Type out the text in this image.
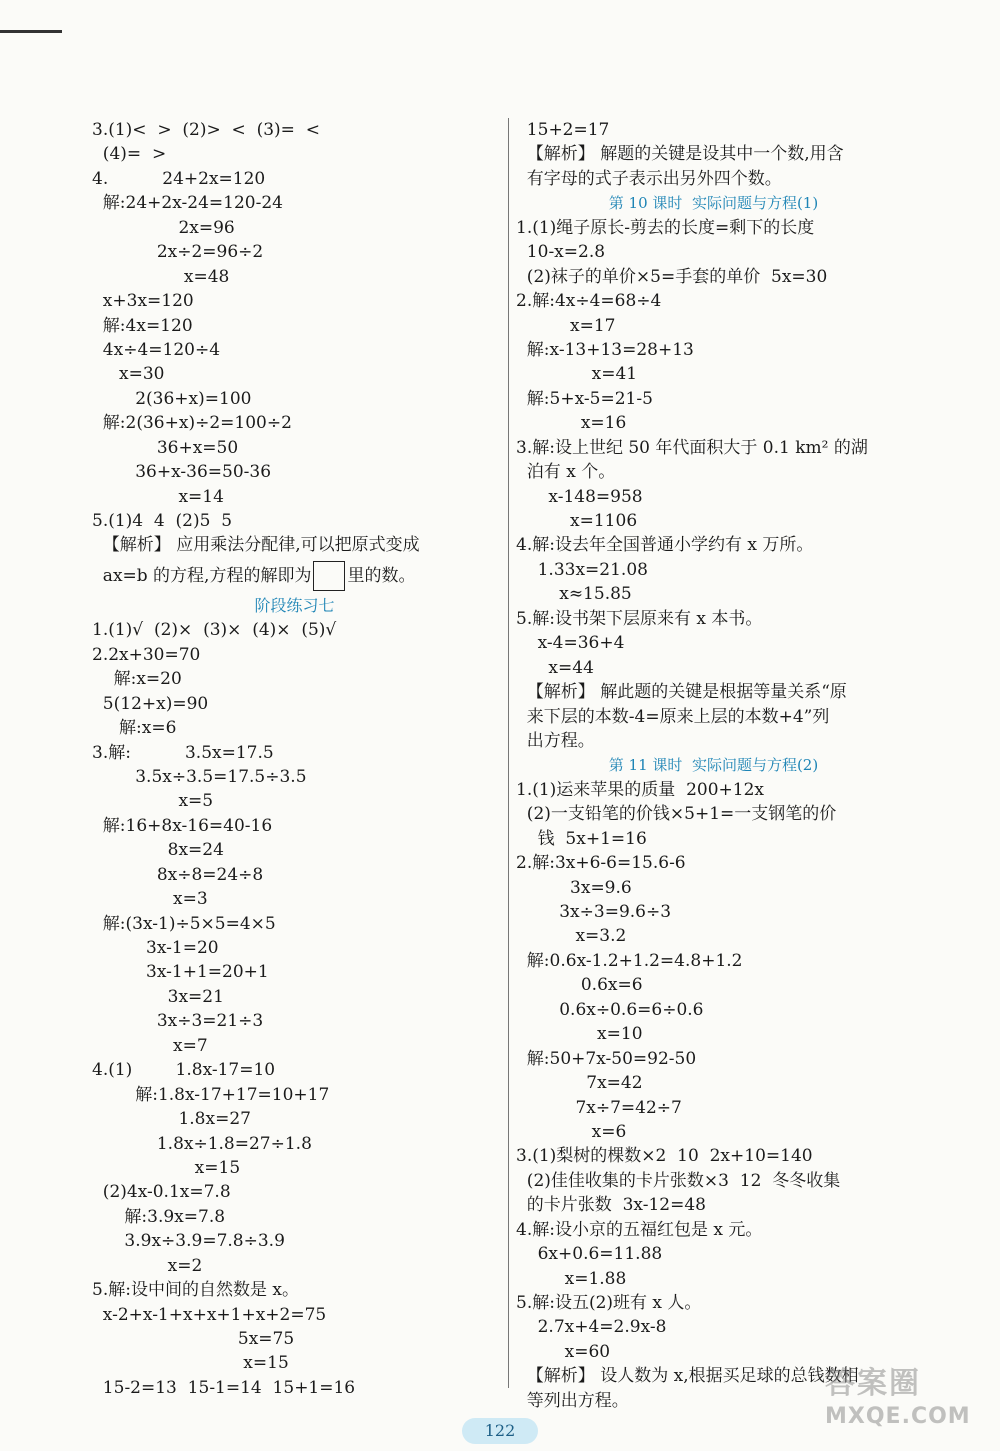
3.(1)<  >  (2)>  <  (3)=  <
(4)=  >
4.          24+2x=120
解:24+2x-24=120-24
2x=96
2x÷2=96÷2
x=48
x+3x=120
解:4x=120
4x÷4=120÷4
x=30
2(36+x)=100
解:2(36+x)÷2=100÷2
36+x=50
36+x-36=50-36
x=14
5.(1)4  4  (2)5  5
【解析】 应用乘法分配律,可以把原式变成
ax=b 的方程,方程的解即为 里的数。
阶段练习七
1.(1)√  (2)×  (3)×  (4)×  (5)√
2.2x+30=70
解:x=20
5(12+x)=90
解:x=6
3.解:          3.5x=17.5
3.5x÷3.5=17.5÷3.5
x=5
解:16+8x-16=40-16
8x=24
8x÷8=24÷8
x=3
解:(3x-1)÷5×5=4×5
3x-1=20
3x-1+1=20+1
3x=21
3x÷3=21÷3
x=7
4.(1)        1.8x-17=10
解:1.8x-17+17=10+17
1.8x=27
1.8x÷1.8=27÷1.8
x=15
(2)4x-0.1x=7.8
解:3.9x=7.8
3.9x÷3.9=7.8÷3.9
x=2
5.解:设中间的自然数是 x。
x-2+x-1+x+x+1+x+2=75
5x=75
x=15
15-2=13  15-1=14  15+1=16
15+2=17
【解析】 解题的关键是设其中一个数,用含
有字母的式子表示出另外四个数。
第 10 课时  实际问题与方程(1)
1.(1)绳子原长-剪去的长度=剩下的长度
10-x=2.8
(2)袜子的单价×5=手套的单价  5x=30
2.解:4x÷4=68÷4
x=17
解:x-13+13=28+13
x=41
解:5+x-5=21-5
x=16
3.解:设上世纪 50 年代面积大于 0.1 km² 的湖
泊有 x 个。
x-148=958
x=1106
4.解:设去年全国普通小学约有 x 万所。
1.33x=21.08
x≈15.85
5.解:设书架下层原来有 x 本书。
x-4=36+4
x=44
【解析】 解此题的关键是根据等量关系“原
来下层的本数-4=原来上层的本数+4”列
出方程。
第 11 课时  实际问题与方程(2)
1.(1)运来苹果的质量  200+12x
(2)一支铅笔的价钱×5+1=一支钢笔的价
钱  5x+1=16
2.解:3x+6-6=15.6-6
3x=9.6
3x÷3=9.6÷3
x=3.2
解:0.6x-1.2+1.2=4.8+1.2
0.6x=6
0.6x÷0.6=6÷0.6
x=10
解:50+7x-50=92-50
7x=42
7x÷7=42÷7
x=6
3.(1)梨树的棵数×2  10  2x+10=140
(2)佳佳收集的卡片张数×3  12  冬冬收集
的卡片张数  3x-12=48
4.解:设小京的五福红包是 x 元。
6x+0.6=11.88
x=1.88
5.解:设五(2)班有 x 人。
2.7x+4=2.9x-8
x=60
【解析】 设人数为 x,根据买足球的总钱数相
等列出方程。
122
答案圈
MXQE.COM
